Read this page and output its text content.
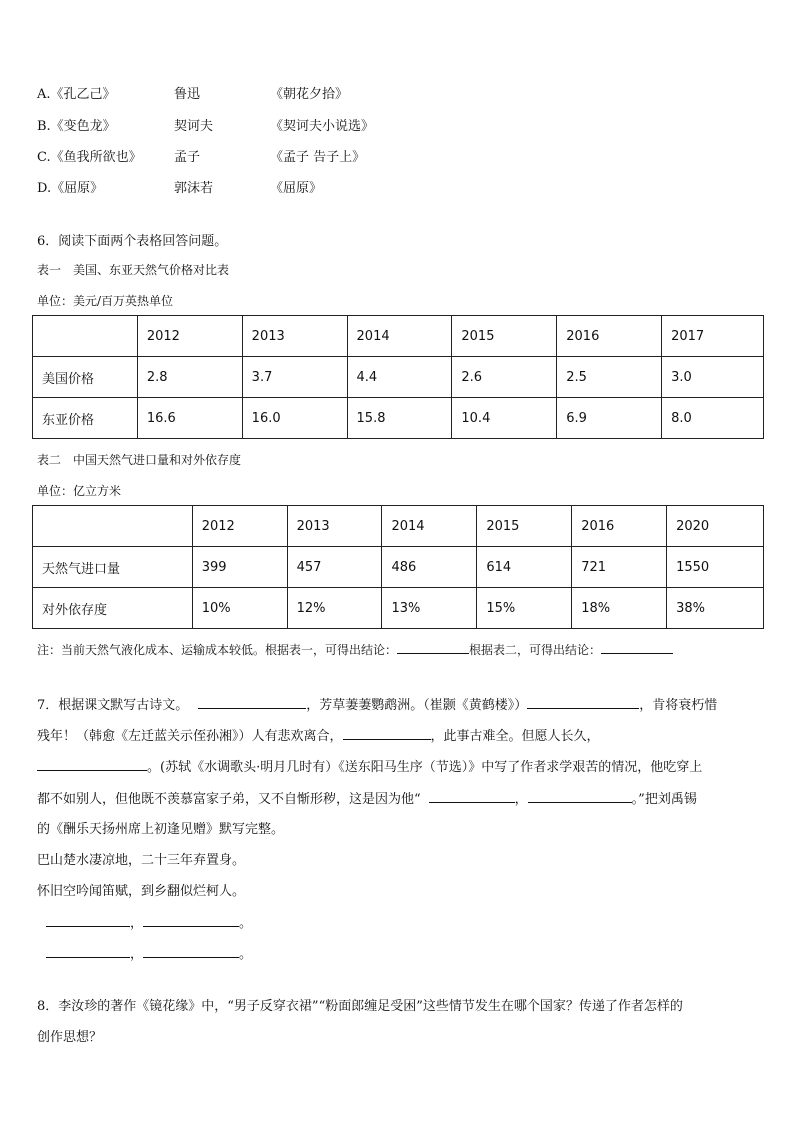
A.《孔乙己》	鲁迅	《朝花夕拾》
B.《变色龙》	契诃夫	《契诃夫小说选》
C.《鱼我所欲也》 孟子	《孟子 告子上》
D.《屈原》	郭沫若	《屈原》
6．阅读下面两个表格回答问题。
表一　美国、东亚天然气价格对比表
单位：美元/百万英热单位
	2012	2013	2014	2015	2016	2017
美国价格	2.8	3.7	4.4	2.6	2.5	3.0
东亚价格	16.6	16.0	15.8	10.4	6.9	8.0
表二　中国天然气进口量和对外依存度
单位：亿立方米
	2012	2013	2014	2015	2016	2020
天然气进口量	399	457	486	614	721	1550
对外依存度	10%	12%	13%	15%	18%	38%
注：当前天然气液化成本、运输成本较低。根据表一，可得出结论：	根据表二，可得出结论：
7．根据课文默写古诗文。	，芳草萋萋鹦鹉洲。（崔颢《黄鹤楼》）	，肯将衰朽惜
残年！（韩愈《左迁蓝关示侄孙湘》）人有悲欢离合，	，此事古难全。但愿人长久，
。(苏轼《水调歌头·明月几时有）《送东阳马生序（节选）》中写了作者求学艰苦的情况，他吃穿上
都不如别人，但他既不羡慕富家子弟，又不自惭形秽，这是因为他“	，	。”把刘禹锡
的《酬乐天扬州席上初逢见赠》默写完整。
巴山楚水凄凉地，二十三年弃置身。
怀旧空吟闻笛赋，到乡翻似烂柯人。
，	。
，	。
8．李汝珍的著作《镜花缘》中，“男子反穿衣裙”“粉面郎缠足受困”这些情节发生在哪个国家？传递了作者怎样的
创作思想？
